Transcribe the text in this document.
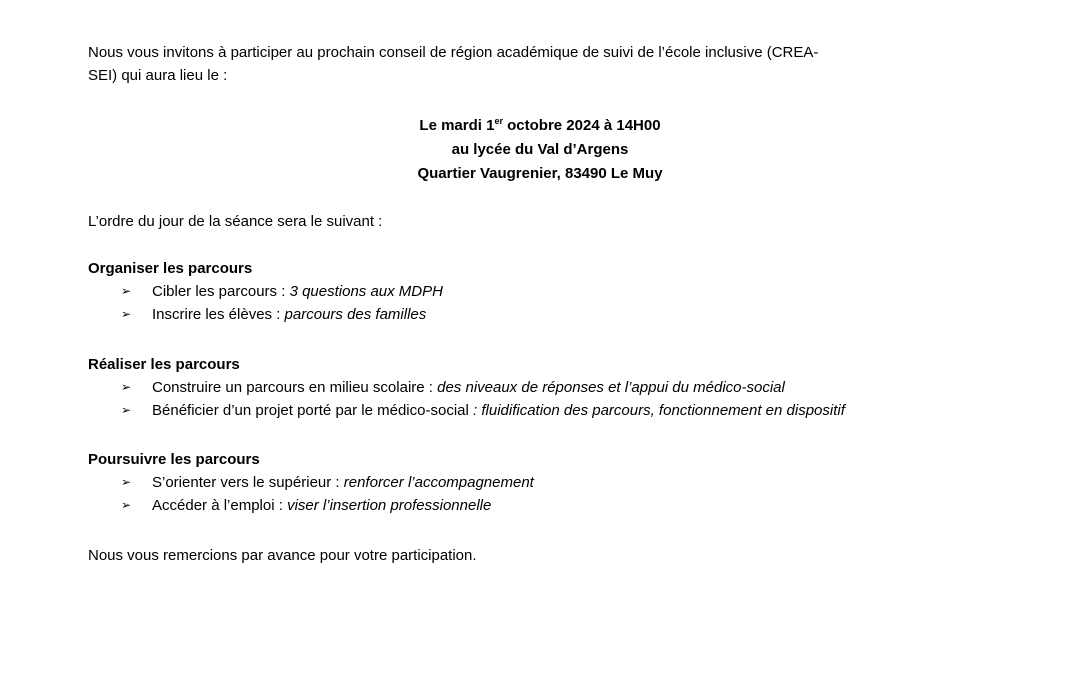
Nous vous invitons à participer au prochain conseil de région académique de suivi de l’école inclusive (CREA-
SEI) qui aura lieu le :
Le mardi 1er octobre 2024 à 14H00
au lycée du Val d’Argens
Quartier Vaugrenier, 83490 Le Muy
L’ordre du jour de la séance sera le suivant :
Organiser les parcours
➢ Cibler les parcours : 3 questions aux MDPH
➢ Inscrire les élèves : parcours des familles
Réaliser les parcours
➢ Construire un parcours en milieu scolaire : des niveaux de réponses et l’appui du médico-social
➢ Bénéficier d’un projet porté par le médico-social : fluidification des parcours, fonctionnement en dispositif
Poursuivre les parcours
➢ S’orienter vers le supérieur : renforcer l’accompagnement
➢ Accéder à l’emploi : viser l’insertion professionnelle
Nous vous remercions par avance pour votre participation.
